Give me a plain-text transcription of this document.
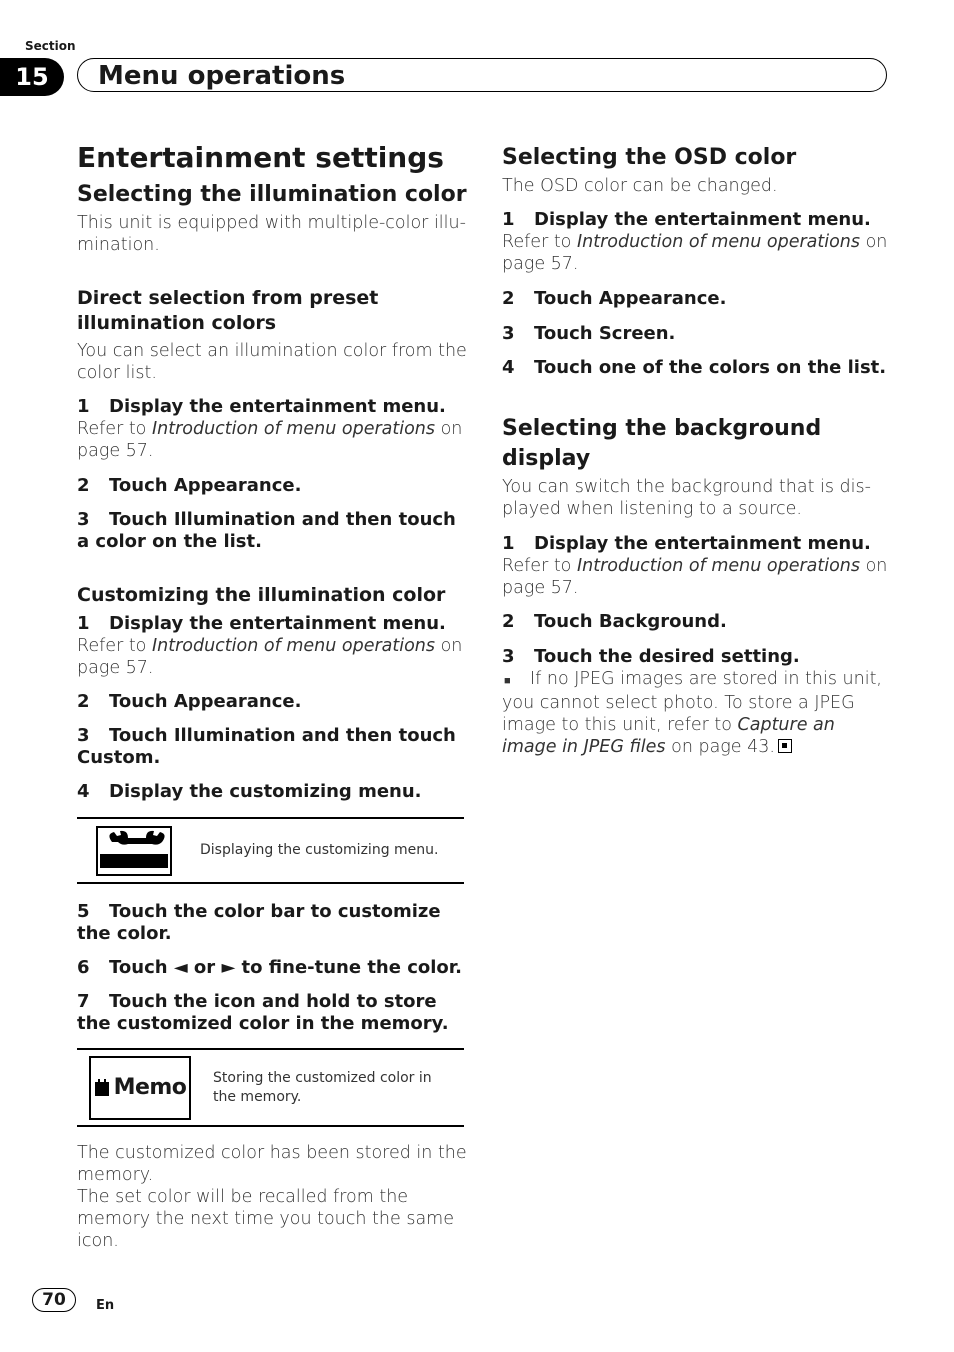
Section
15	Menu operations
Entertainment settings
Selecting the illumination color

This unit is equipped with multiple-color illu- mination.

Direct selection from preset illumination colors

You can select an illumination color from the color list.

1 Display the entertainment menu.

Refer to Introduction of menu operations on page 57.

2 Touch Appearance.

3 Touch Illumination and then touch a color on the list.

Customizing the illumination color

1 Display the entertainment menu.

Refer to Introduction of menu operations on page 57.

2 Touch Appearance.

3 Touch Illumination and then touch Custom.

4 Display the customizing menu.

Displaying the customizing menu.

5 Touch the color bar to customize the color.

6 Touch ◄ or ► to fine-tune the color.

7 Touch the icon and hold to store the customized color in the memory.

Memo Storing the customized color in the memory.

The customized color has been stored in the memory.

The set color will be recalled from the memory the next time you touch the same icon.

Selecting the OSD color

The OSD color can be changed.

1 Display the entertainment menu.

Refer to Introduction of menu operations on page 57.

2 Touch Appearance.

3 Touch Screen.

4 Touch one of the colors on the list.

Selecting the background display

You can switch the background that is dis- played when listening to a source.

1 Display the entertainment menu.

Refer to Introduction of menu operations on page 57.

2 Touch Background.

3 Touch the desired setting.

■ If no JPEG images are stored in this unit, you cannot select photo. To store a JPEG image to this unit, refer to Capture an image in JPEG files on page 43.

70	En
